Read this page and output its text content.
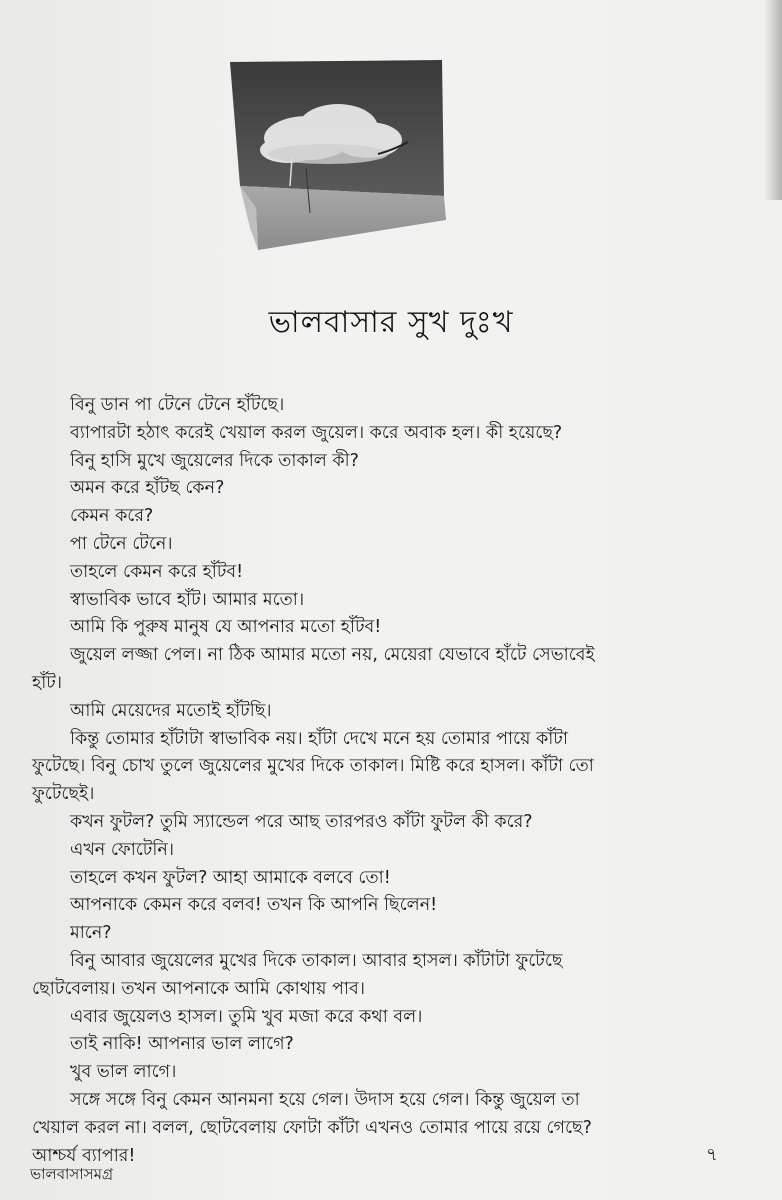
ভালবাসার সুখ দুঃখ
বিনু ডান পা টেনে টেনে হাঁটছে।
ব্যাপারটা হঠাৎ করেই খেয়াল করল জুয়েল। করে অবাক হল। কী হয়েছে?
বিনু হাসি মুখে জুয়েলের দিকে তাকাল কী?
অমন করে হাঁটছ কেন?
কেমন করে?
পা টেনে টেনে।
তাহলে কেমন করে হাঁটব!
স্বাভাবিক ভাবে হাঁট। আমার মতো।
আমি কি পুরুষ মানুষ যে আপনার মতো হাঁটব!
জুয়েল লজ্জা পেল। না ঠিক আমার মতো নয়, মেয়েরা যেভাবে হাঁটে সেভাবেই
হাঁট।
আমি মেয়েদের মতোই হাঁটছি।
কিন্তু তোমার হাঁটাটা স্বাভাবিক নয়। হাঁটা দেখে মনে হয় তোমার পায়ে কাঁটা
ফুটেছে। বিনু চোখ তুলে জুয়েলের মুখের দিকে তাকাল। মিষ্টি করে হাসল। কাঁটা তো
ফুটেছেই।
কখন ফুটল? তুমি স্যান্ডেল পরে আছ তারপরও কাঁটা ফুটল কী করে?
এখন ফোটেনি।
তাহলে কখন ফুটল? আহা আমাকে বলবে তো!
আপনাকে কেমন করে বলব! তখন কি আপনি ছিলেন!
মানে?
বিনু আবার জুয়েলের মুখের দিকে তাকাল। আবার হাসল। কাঁটাটা ফুটেছে
ছোটবেলায়। তখন আপনাকে আমি কোথায় পাব।
এবার জুয়েলও হাসল। তুমি খুব মজা করে কথা বল।
তাই নাকি! আপনার ভাল লাগে?
খুব ভাল লাগে।
সঙ্গে সঙ্গে বিনু কেমন আনমনা হয়ে গেল। উদাস হয়ে গেল। কিন্তু জুয়েল তা
খেয়াল করল না। বলল, ছোটবেলায় ফোটা কাঁটা এখনও তোমার পায়ে রয়ে গেছে?
আশ্চর্য ব্যাপার!	৭
ভালবাসাসমগ্র
